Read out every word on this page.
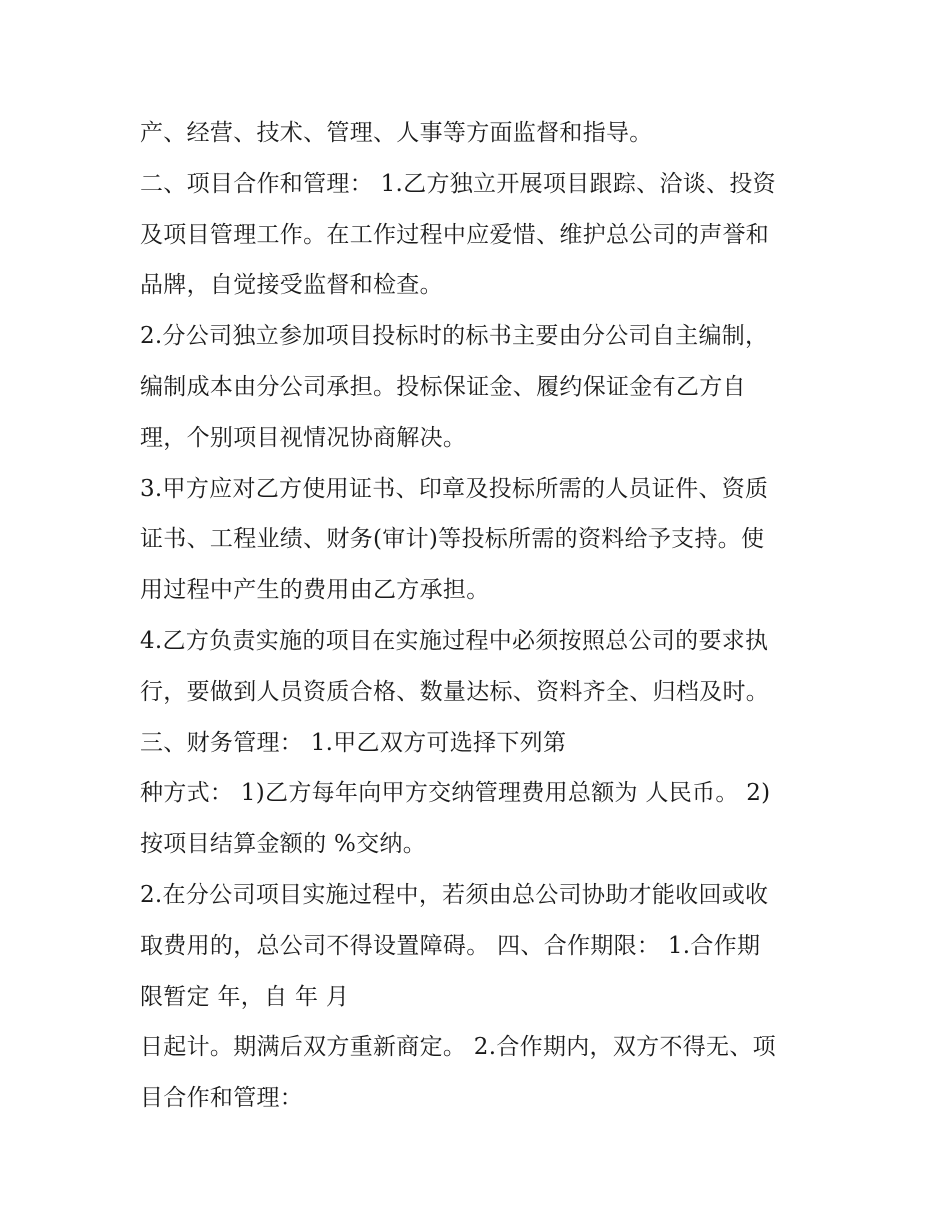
产、经营、技术、管理、人事等方面监督和指导。
二、项目合作和管理： 1.乙方独立开展项目跟踪、洽谈、投资
及项目管理工作。在工作过程中应爱惜、维护总公司的声誉和
品牌，自觉接受监督和检查。
2.分公司独立参加项目投标时的标书主要由分公司自主编制，
编制成本由分公司承担。投标保证金、履约保证金有乙方自
理，个别项目视情况协商解决。
3.甲方应对乙方使用证书、印章及投标所需的人员证件、资质
证书、工程业绩、财务(审计)等投标所需的资料给予支持。使
用过程中产生的费用由乙方承担。
4.乙方负责实施的项目在实施过程中必须按照总公司的要求执
行，要做到人员资质合格、数量达标、资料齐全、归档及时。
三、财务管理： 1.甲乙双方可选择下列第
种方式： 1)乙方每年向甲方交纳管理费用总额为 人民币。 2)
按项目结算金额的 %交纳。
2.在分公司项目实施过程中，若须由总公司协助才能收回或收
取费用的，总公司不得设置障碍。 四、合作期限： 1.合作期
限暂定 年，自 年 月
日起计。期满后双方重新商定。 2.合作期内，双方不得无、项
目合作和管理：
